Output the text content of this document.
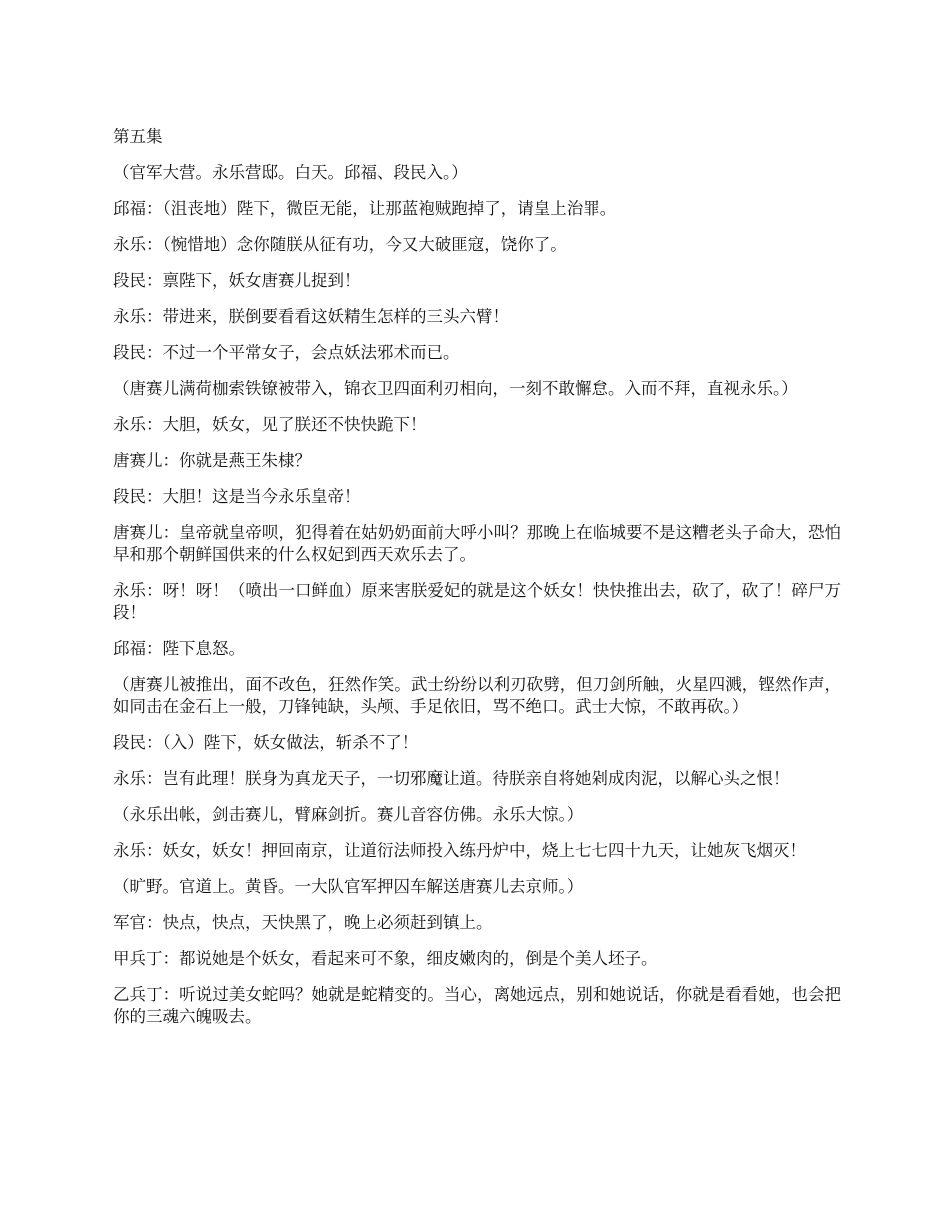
第五集

（官军大营。永乐营邸。白天。邱福、段民入。）

邱福：（沮丧地）陛下，微臣无能，让那蓝袍贼跑掉了，请皇上治罪。

永乐：（惋惜地）念你随朕从征有功，今又大破匪寇，饶你了。

段民：禀陛下，妖女唐赛儿捉到！

永乐：带进来，朕倒要看看这妖精生怎样的三头六臂！

段民：不过一个平常女子，会点妖法邪术而已。

（唐赛儿满荷枷索铁镣被带入，锦衣卫四面利刃相向，一刻不敢懈怠。入而不拜，直视永乐。）

永乐：大胆，妖女，见了朕还不快快跪下！

唐赛儿：你就是燕王朱棣？

段民：大胆！这是当今永乐皇帝！

唐赛儿：皇帝就皇帝呗，犯得着在姑奶奶面前大呼小叫？那晚上在临城要不是这糟老头子命大，恐怕早和那个朝鲜国供来的什么权妃到西天欢乐去了。

永乐：呀！呀！（喷出一口鲜血）原来害朕爱妃的就是这个妖女！快快推出去，砍了，砍了！碎尸万段！

邱福：陛下息怒。

（唐赛儿被推出，面不改色，狂然作笑。武士纷纷以利刃砍劈，但刀剑所触，火星四溅，铿然作声，如同击在金石上一般，刀锋钝缺，头颅、手足依旧，骂不绝口。武士大惊，不敢再砍。）

段民：（入）陛下，妖女做法，斩杀不了！

永乐：岂有此理！朕身为真龙天子，一切邪魔让道。待朕亲自将她剁成肉泥，以解心头之恨！

（永乐出帐，剑击赛儿，臂麻剑折。赛儿音容仿佛。永乐大惊。）

永乐：妖女，妖女！押回南京，让道衍法师投入练丹炉中，烧上七七四十九天，让她灰飞烟灭！

（旷野。官道上。黄昏。一大队官军押囚车解送唐赛儿去京师。）

军官：快点，快点，天快黑了，晚上必须赶到镇上。

甲兵丁：都说她是个妖女，看起来可不象，细皮嫩肉的，倒是个美人坯子。

乙兵丁：听说过美女蛇吗？她就是蛇精变的。当心，离她远点，别和她说话，你就是看看她，也会把你的三魂六魄吸去。
